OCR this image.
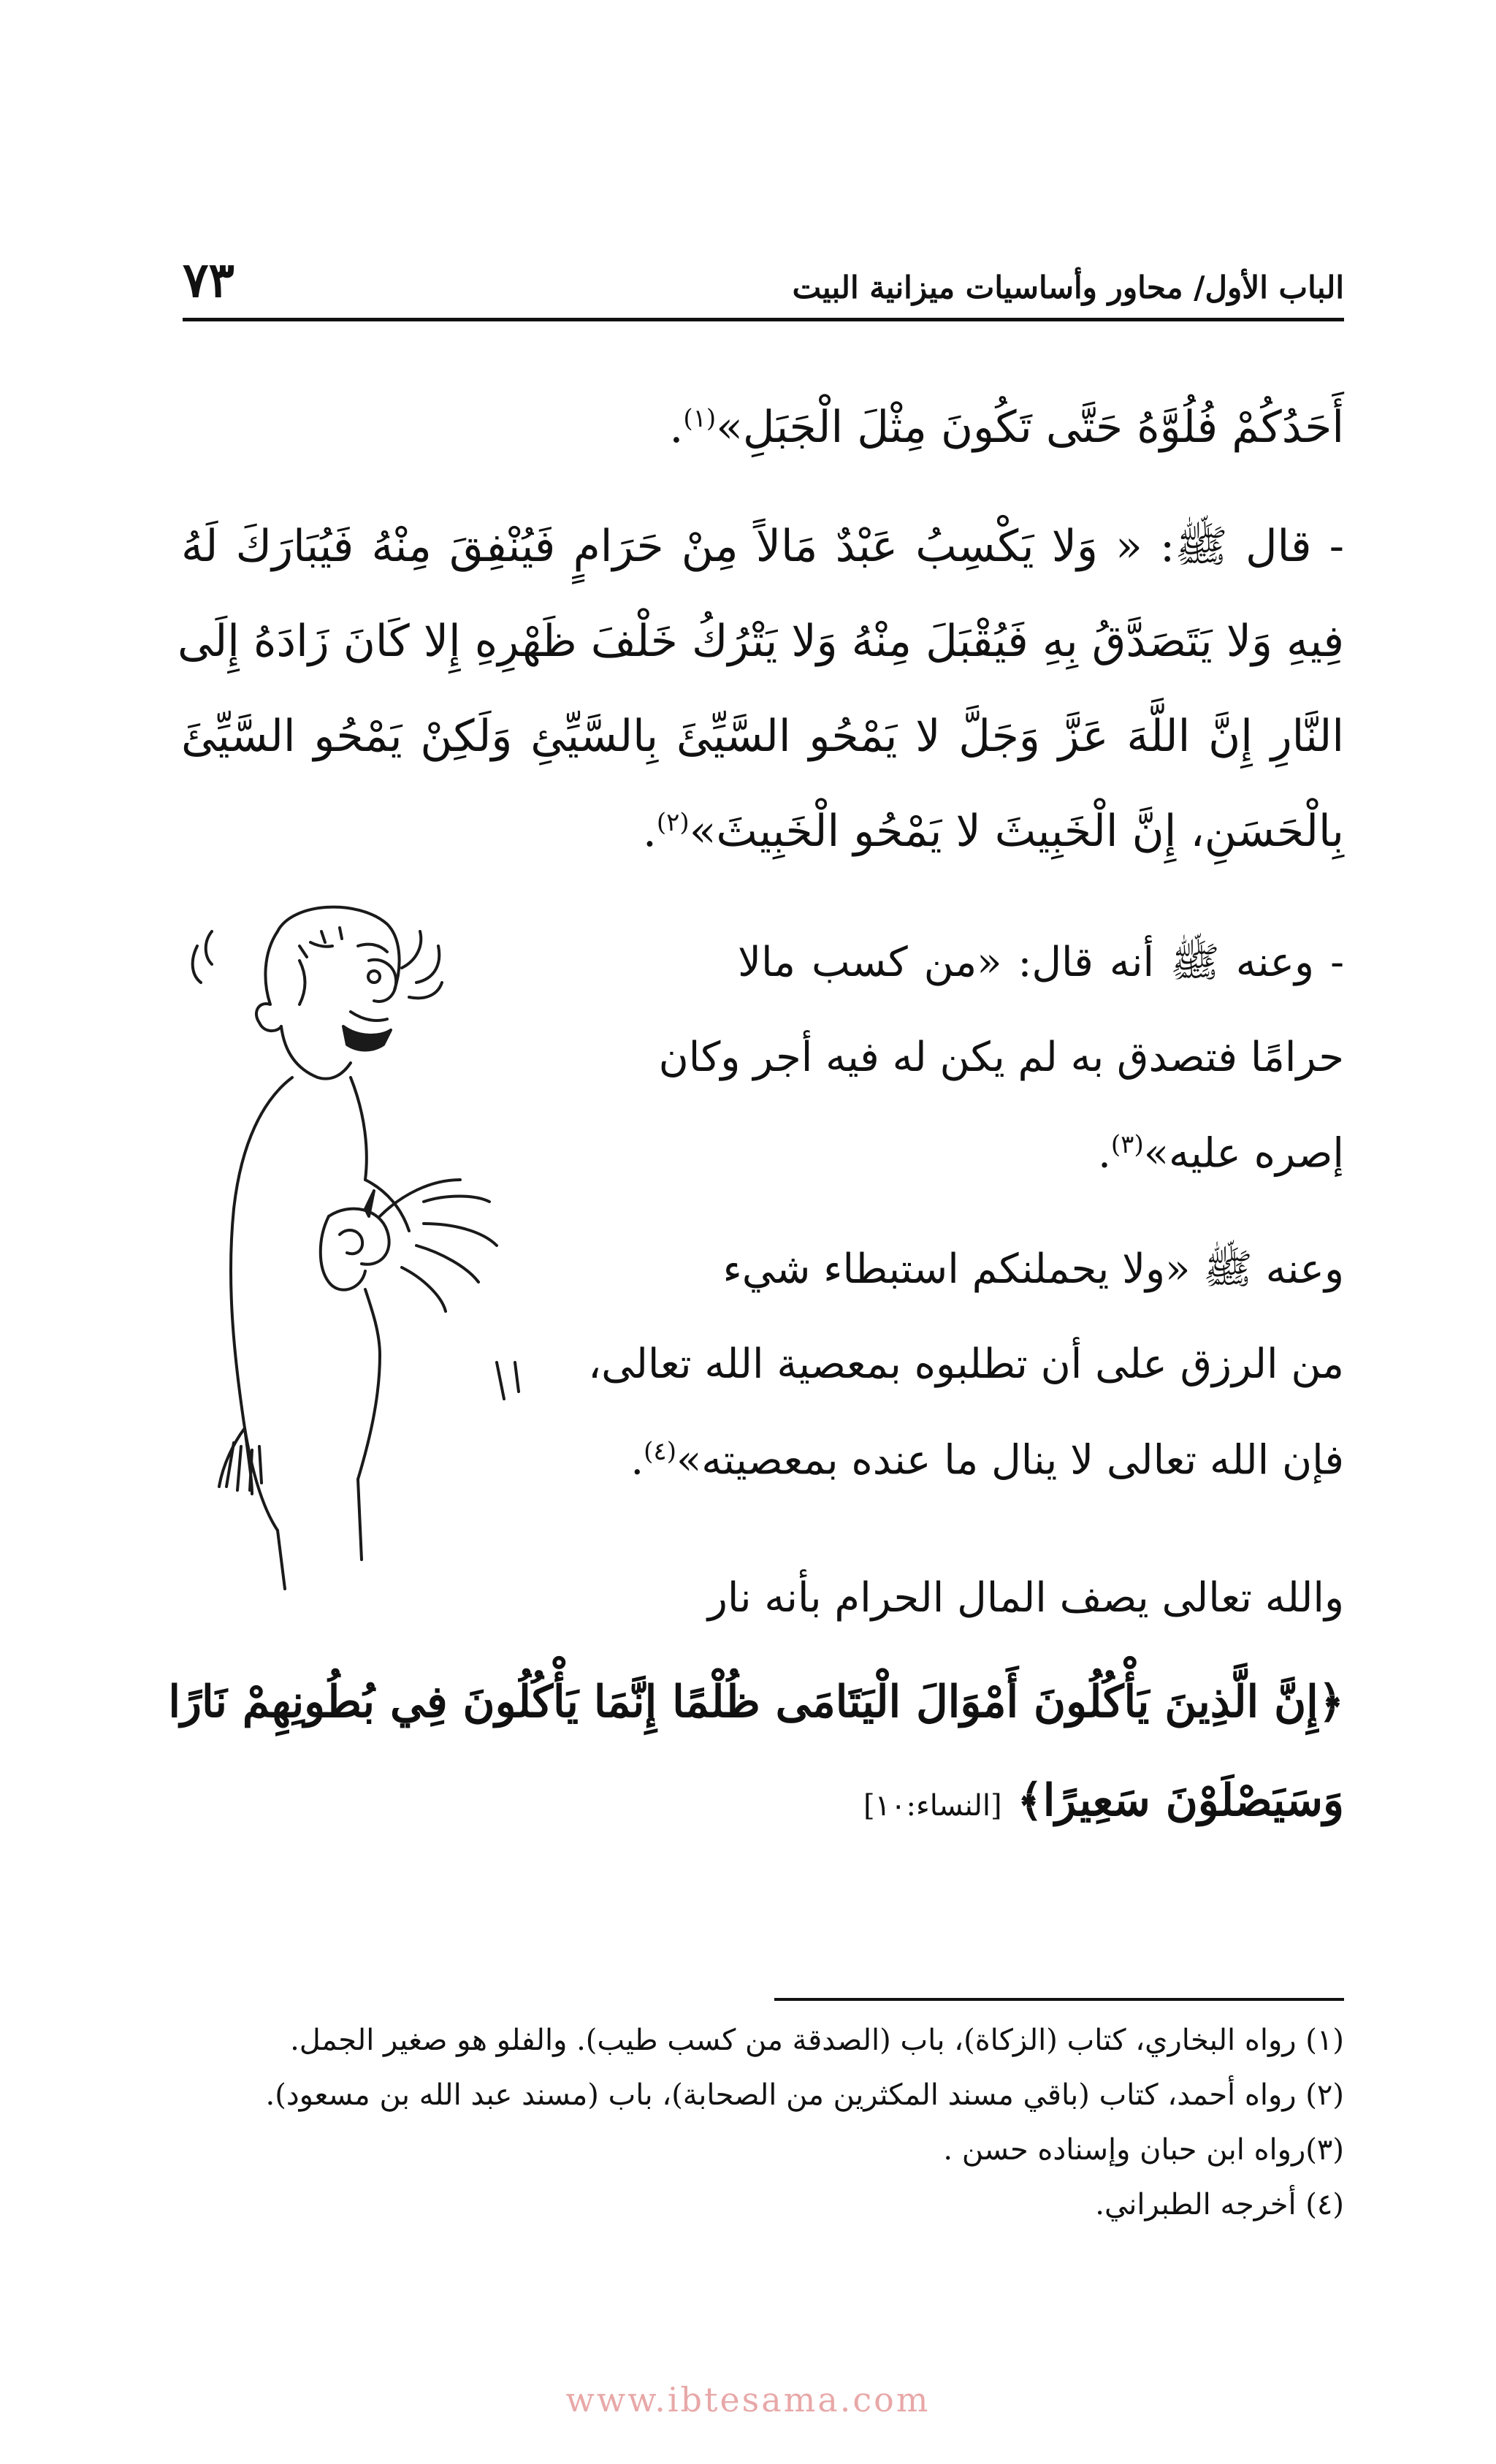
الباب الأول/ محاور وأساسيات ميزانية البيت
٧٣
أَحَدُكُمْ فُلُوَّهُ حَتَّى تَكُونَ مِثْلَ الْجَبَلِ»$^{(١)}$.
- قال ﷺ: « وَلا يَكْسِبُ عَبْدٌ مَالاً مِنْ حَرَامٍ فَيُنْفِقَ مِنْهُ فَيُبَارَكَ لَهُ
فِيهِ وَلا يَتَصَدَّقُ بِهِ فَيُقْبَلَ مِنْهُ وَلا يَتْرُكُ خَلْفَ ظَهْرِهِ إِلا كَانَ زَادَهُ إِلَى
النَّارِ إِنَّ اللَّهَ عَزَّ وَجَلَّ لا يَمْحُو السَّيِّئَ بِالسَّيِّئِ وَلَكِنْ يَمْحُو السَّيِّئَ
بِالْحَسَنِ، إِنَّ الْخَبِيثَ لا يَمْحُو الْخَبِيثَ»$^{(٢)}$.
- وعنه ﷺ أنه قال: «من كسب مالا
حرامًا فتصدق به لم يكن له فيه أجر وكان
إصره عليه»$^{(٣)}$.
وعنه ﷺ «ولا يحملنكم استبطاء شيء
من الرزق على أن تطلبوه بمعصية الله تعالى،
فإن الله تعالى لا ينال ما عنده بمعصيته»$^{(٤)}$.
والله تعالى يصف المال الحرام بأنه نار
﴿إِنَّ الَّذِينَ يَأْكُلُونَ أَمْوَالَ الْيَتَامَى ظُلْمًا إِنَّمَا يَأْكُلُونَ فِي بُطُونِهِمْ نَارًا
وَسَيَصْلَوْنَ سَعِيرًا﴾ [النساء:١٠]
(١) رواه البخاري، كتاب (الزكاة)، باب (الصدقة من كسب طيب). والفلو هو صغير الجمل.
(٢) رواه أحمد، كتاب (باقي مسند المكثرين من الصحابة)، باب (مسند عبد الله بن مسعود).
(٣)رواه ابن حبان وإسناده حسن .
(٤) أخرجه الطبراني.
www.ibtesama.com
